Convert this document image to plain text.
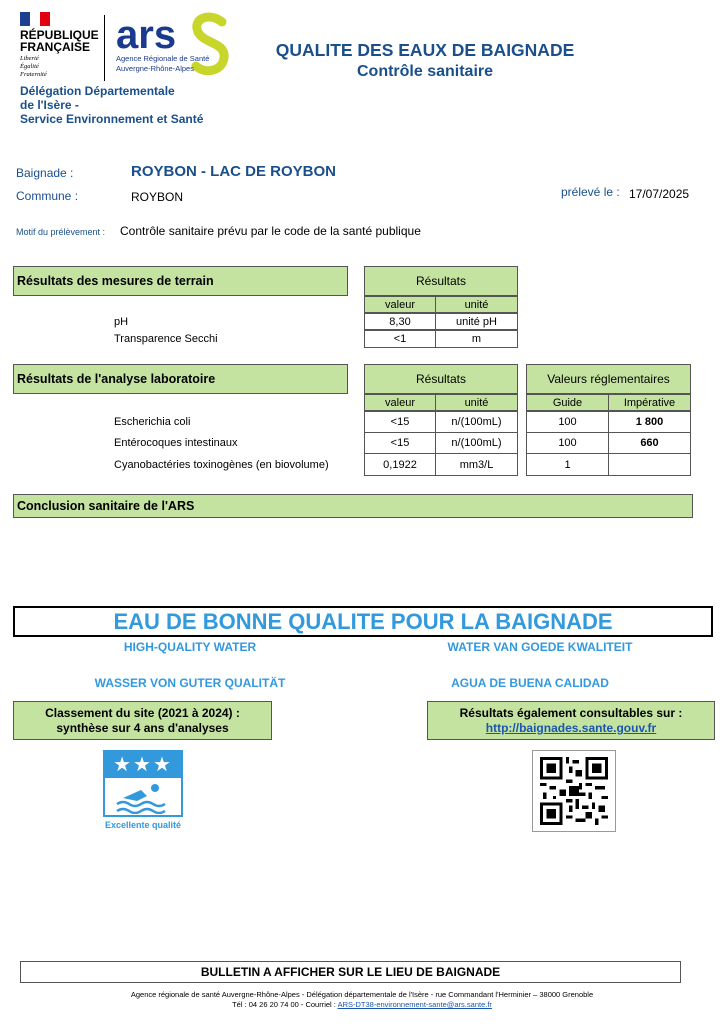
RÉPUBLIQUE
FRANÇAISE
Liberté
Égalité
Fraternité
ars
Agence Régionale de Santé
Auvergne-Rhône-Alpes
Délégation Départementale
de l'Isère -
Service Environnement et Santé
QUALITE DES EAUX DE BAIGNADE
Contrôle sanitaire
Baignade :	ROYBON - LAC DE ROYBON
Commune :	ROYBON	prélevé le : 17/07/2025
Motif du prélèvement : Contrôle sanitaire prévu par le code de la santé publique
Résultats des mesures de terrain	Résultats
valeur	unité
pH	8,30	unité pH
Transparence Secchi	<1	m
Résultats de l'analyse laboratoire	Résultats
valeur	unité
Valeurs réglementaires
Guide	Impérative
Escherichia coli	<15	n/(100mL)	100	1 800
Entérocoques intestinaux	<15	n/(100mL)	100	660
Cyanobactéries toxinogènes (en biovolume)	0,1922	mm3/L	1
Conclusion sanitaire de l'ARS
EAU DE BONNE QUALITE POUR LA BAIGNADE
HIGH-QUALITY WATER	WATER VAN GOEDE KWALITEIT
WASSER VON GUTER QUALITÄT	AGUA DE BUENA CALIDAD
Classement du site (2021 à 2024) :
synthèse sur 4 ans d'analyses
★★★
Excellente qualité
Résultats également consultables sur :
http://baignades.sante.gouv.fr
BULLETIN A AFFICHER SUR LE LIEU DE BAIGNADE
Agence régionale de santé Auvergne-Rhône-Alpes - Délégation départementale de l'Isère - rue Commandant l'Herminier – 38000 Grenoble
Tél : 04 26 20 74 00 - Courriel : ARS-DT38-environnement-sante@ars.sante.fr
